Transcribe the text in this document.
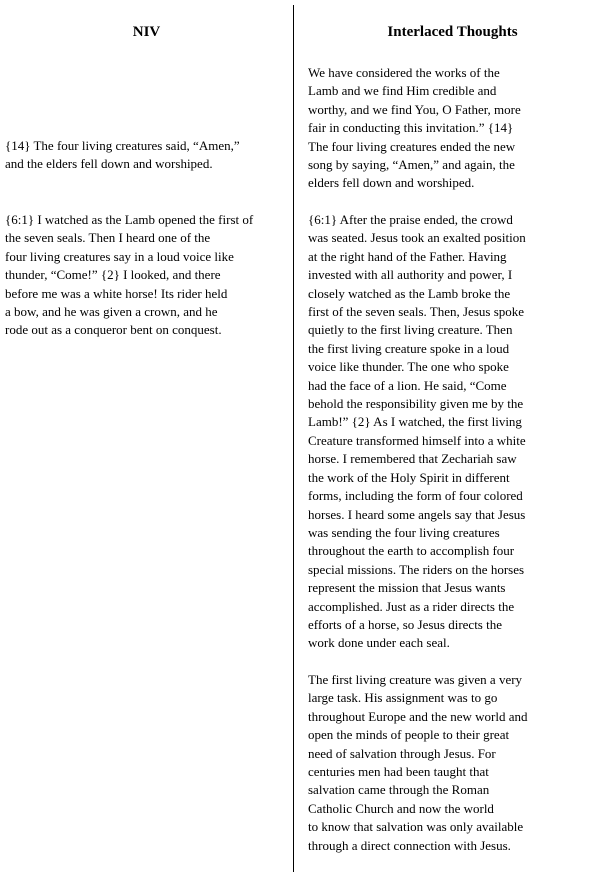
NIV	Interlaced Thoughts

{14} The four living creatures said, “Amen,”
and the elders fell down and worshiped.

{6:1} I watched as the Lamb opened the first of
the seven seals. Then I heard one of the
four living creatures say in a loud voice like
thunder, “Come!” {2} I looked, and there
before me was a white horse! Its rider held
a bow, and he was given a crown, and he
rode out as a conqueror bent on conquest.

We have considered the works of the
Lamb and we find Him credible and
worthy, and we find You, O Father, more
fair in conducting this invitation.” {14}
The four living creatures ended the new
song by saying, “Amen,” and again, the
elders fell down and worshiped.

{6:1} After the praise ended, the crowd
was seated. Jesus took an exalted position
at the right hand of the Father. Having
invested with all authority and power, I
closely watched as the Lamb broke the
first of the seven seals. Then, Jesus spoke
quietly to the first living creature. Then
the first living creature spoke in a loud
voice like thunder. The one who spoke
had the face of a lion. He said, “Come
behold the responsibility given me by the
Lamb!” {2} As I watched, the first living
Creature transformed himself into a white
horse. I remembered that Zechariah saw
the work of the Holy Spirit in different
forms, including the form of four colored
horses. I heard some angels say that Jesus
was sending the four living creatures
throughout the earth to accomplish four
special missions. The riders on the horses
represent the mission that Jesus wants
accomplished. Just as a rider directs the
efforts of a horse, so Jesus directs the
work done under each seal.

The first living creature was given a very
large task. His assignment was to go
throughout Europe and the new world and
open the minds of people to their great
need of salvation through Jesus. For
centuries men had been taught that
salvation came through the Roman
Catholic Church and now the world
to know that salvation was only available
through a direct connection with Jesus.
